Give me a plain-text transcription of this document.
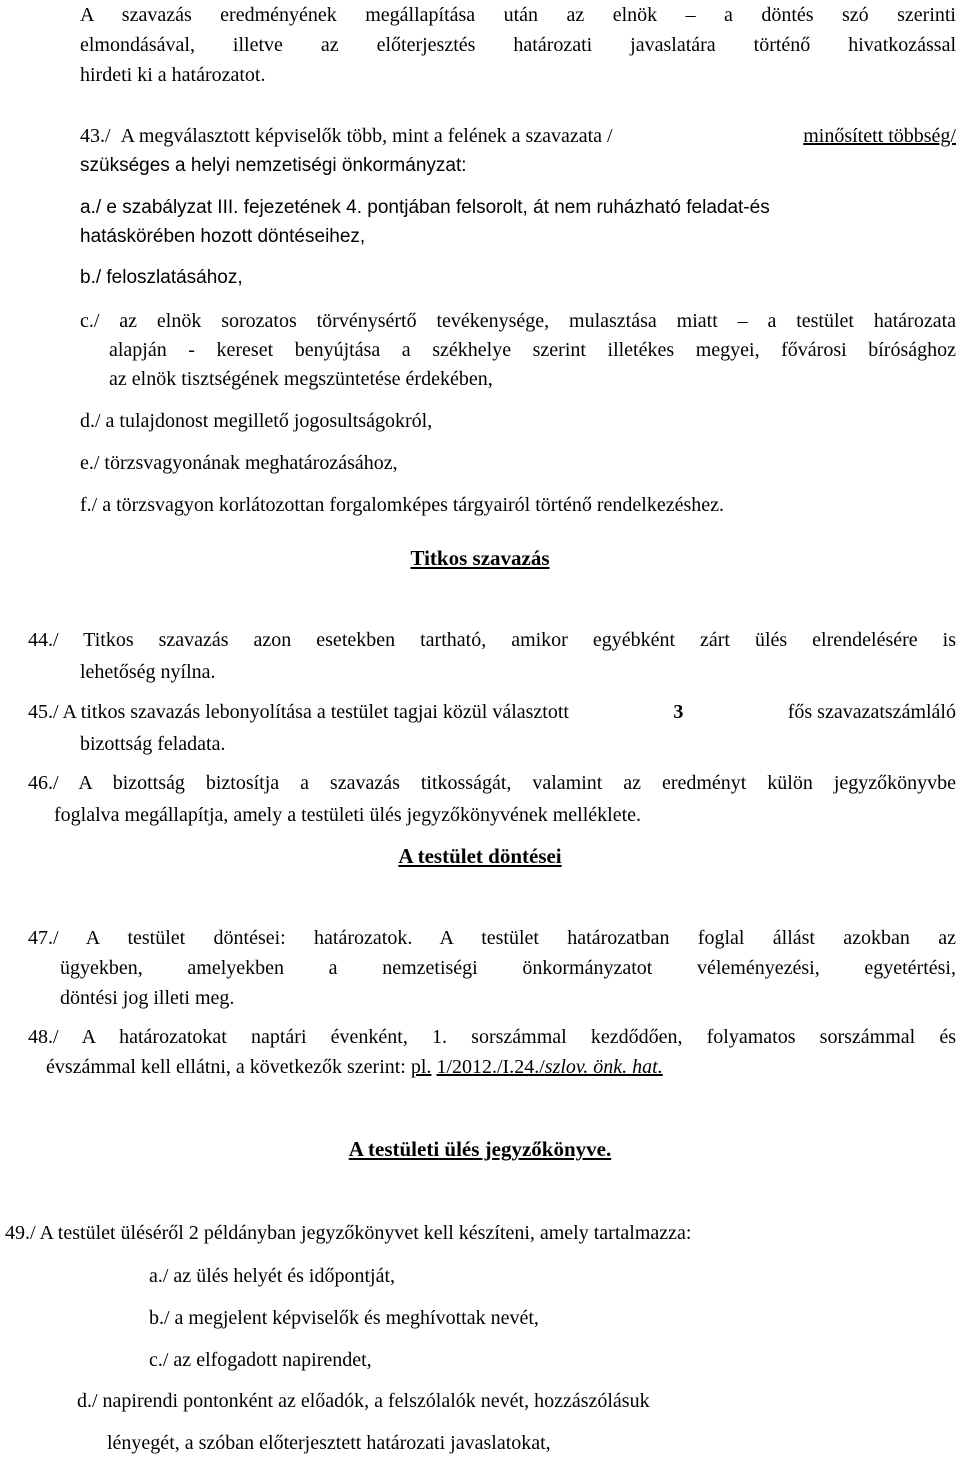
A szavazás eredményének megállapítása után az elnök – a döntés szó szerinti
elmondásával, illetve az előterjesztés határozati javaslatára történő hivatkozással
hirdeti ki a határozatot.
43./ A megválasztott képviselők több, mint a felének a szavazata /	minősített többség/
szükséges a helyi nemzetiségi önkormányzat:
a./ e szabályzat III. fejezetének 4. pontjában felsorolt, át nem ruházható feladat-és
hatáskörében hozott döntéseihez,
b./ feloszlatásához,
c./ az elnök sorozatos törvénysértő tevékenysége, mulasztása miatt – a testület határozata
alapján - kereset benyújtása a székhelye szerint illetékes megyei, fővárosi bírósághoz
az elnök tisztségének megszüntetése érdekében,
d./ a tulajdonost megillető jogosultságokról,
e./ törzsvagyonának meghatározásához,
f./ a törzsvagyon korlátozottan forgalomképes tárgyairól történő rendelkezéshez.
Titkos szavazás
44./ Titkos szavazás azon esetekben tartható, amikor egyébként zárt ülés elrendelésére is
lehetőség nyílna.
45./ A titkos szavazás lebonyolítása a testület tagjai közül választott	3	fős szavazatszámláló
bizottság feladata.
46./ A bizottság biztosítja a szavazás titkosságát, valamint az eredményt külön jegyzőkönyvbe
foglalva megállapítja, amely a testületi ülés jegyzőkönyvének melléklete.
A testület döntései
47./ A testület döntései: határozatok. A testület határozatban foglal állást azokban az
ügyekben, amelyekben a nemzetiségi önkormányzatot véleményezési, egyetértési,
döntési jog illeti meg.
48./ A határozatokat naptári évenként, 1. sorszámmal kezdődően, folyamatos sorszámmal és
évszámmal kell ellátni, a következők szerint: pl. 1/2012./I.24./szlov. önk. hat.
A testületi ülés jegyzőkönyve.
49./ A testület üléséről 2 példányban jegyzőkönyvet kell készíteni, amely tartalmazza:
a./ az ülés helyét és időpontját,
b./ a megjelent képviselők és meghívottak nevét,
c./ az elfogadott napirendet,
d./ napirendi pontonként az előadók, a felszólalók nevét, hozzászólásuk
lényegét, a szóban előterjesztett határozati javaslatokat,
